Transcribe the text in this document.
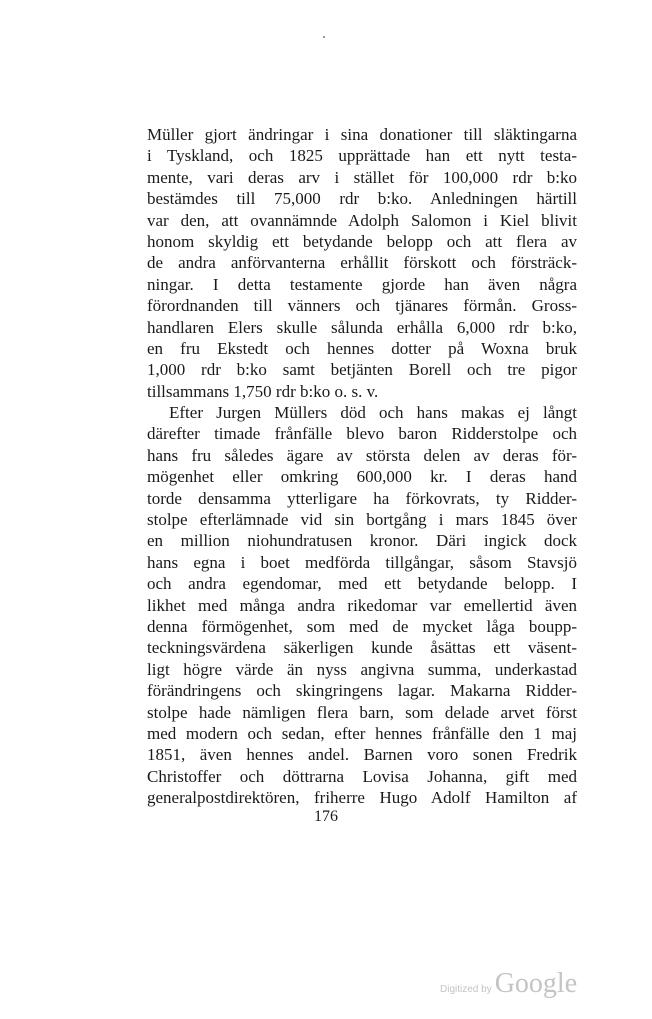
Müller gjort ändringar i sina donationer till släktingarna
i Tyskland, och 1825 upprättade han ett nytt testa-
mente, vari deras arv i stället för 100,000 rdr b:ko
bestämdes till 75,000 rdr b:ko. Anledningen härtill
var den, att ovannämnde Adolph Salomon i Kiel blivit
honom skyldig ett betydande belopp och att flera av
de andra anförvanterna erhållit förskott och försträck-
ningar. I detta testamente gjorde han även några
förordnanden till vänners och tjänares förmån. Gross-
handlaren Elers skulle sålunda erhålla 6,000 rdr b:ko,
en fru Ekstedt och hennes dotter på Woxna bruk
1,000 rdr b:ko samt betjänten Borell och tre pigor
tillsammans 1,750 rdr b:ko o. s. v.
Efter Jurgen Müllers död och hans makas ej långt
därefter timade frånfälle blevo baron Ridderstolpe och
hans fru således ägare av största delen av deras för-
mögenhet eller omkring 600,000 kr. I deras hand
torde densamma ytterligare ha förkovrats, ty Ridder-
stolpe efterlämnade vid sin bortgång i mars 1845 över
en million niohundratusen kronor. Däri ingick dock
hans egna i boet medförda tillgångar, såsom Stavsjö
och andra egendomar, med ett betydande belopp. I
likhet med många andra rikedomar var emellertid även
denna förmögenhet, som med de mycket låga boupp-
teckningsvärdena säkerligen kunde åsättas ett väsent-
ligt högre värde än nyss angivna summa, underkastad
förändringens och skingringens lagar. Makarna Ridder-
stolpe hade nämligen flera barn, som delade arvet först
med modern och sedan, efter hennes frånfälle den 1 maj
1851, även hennes andel. Barnen voro sonen Fredrik
Christoffer och döttrarna Lovisa Johanna, gift med
generalpostdirektören, friherre Hugo Adolf Hamilton af
176
Digitized by Google
